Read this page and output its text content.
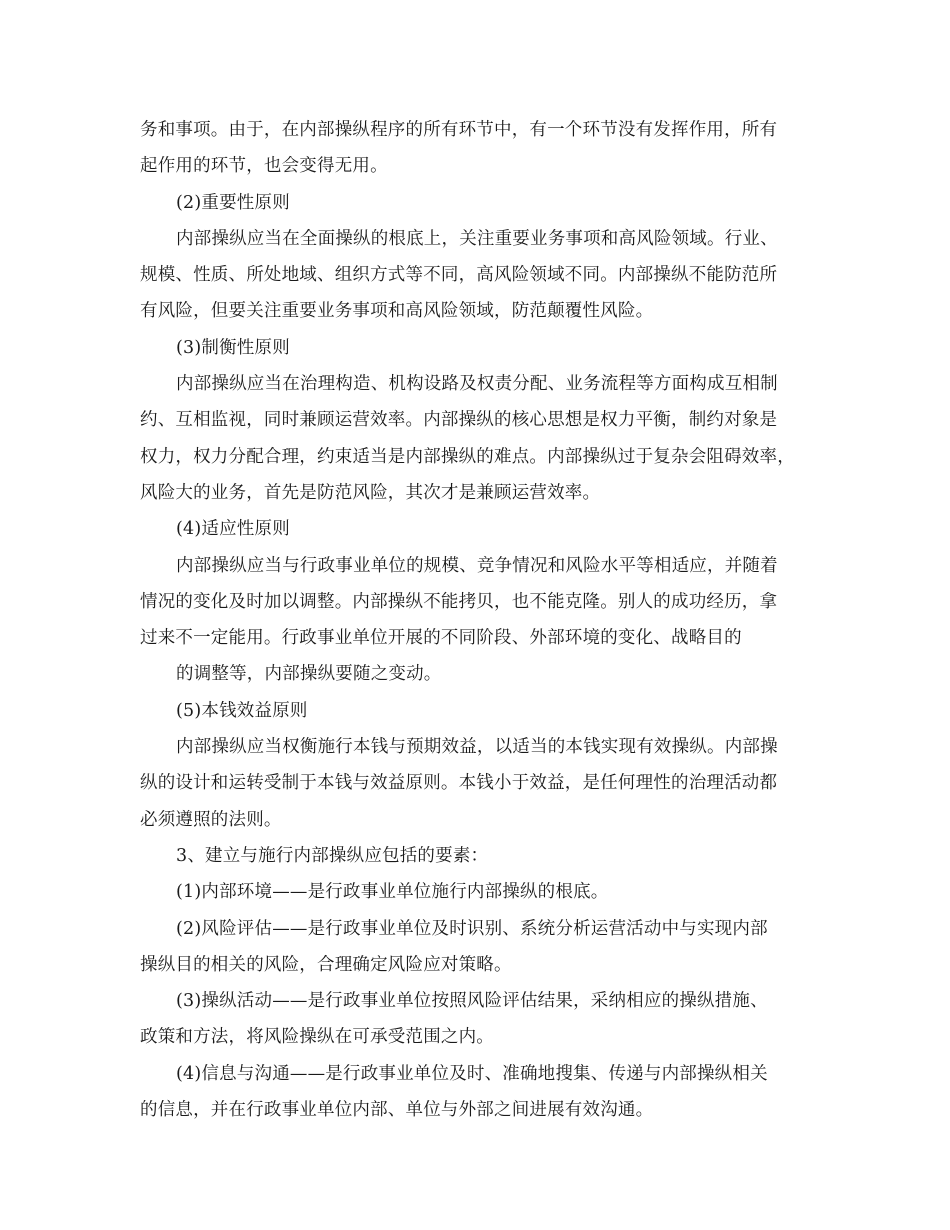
务和事项。由于，在内部操纵程序的所有环节中，有一个环节没有发挥作用，所有
起作用的环节，也会变得无用。
(2)重要性原则
内部操纵应当在全面操纵的根底上，关注重要业务事项和高风险领域。行业、
规模、性质、所处地域、组织方式等不同，高风险领域不同。内部操纵不能防范所
有风险，但要关注重要业务事项和高风险领域，防范颠覆性风险。
(3)制衡性原则
内部操纵应当在治理构造、机构设路及权责分配、业务流程等方面构成互相制
约、互相监视，同时兼顾运营效率。内部操纵的核心思想是权力平衡，制约对象是
权力，权力分配合理，约束适当是内部操纵的难点。内部操纵过于复杂会阻碍效率，
风险大的业务，首先是防范风险，其次才是兼顾运营效率。
(4)适应性原则
内部操纵应当与行政事业单位的规模、竞争情况和风险水平等相适应，并随着
情况的变化及时加以调整。内部操纵不能拷贝，也不能克隆。别人的成功经历，拿
过来不一定能用。行政事业单位开展的不同阶段、外部环境的变化、战略目的
的调整等，内部操纵要随之变动。
(5)本钱效益原则
内部操纵应当权衡施行本钱与预期效益，以适当的本钱实现有效操纵。内部操
纵的设计和运转受制于本钱与效益原则。本钱小于效益，是任何理性的治理活动都
必须遵照的法则。
3、建立与施行内部操纵应包括的要素：
(1)内部环境——是行政事业单位施行内部操纵的根底。
(2)风险评估——是行政事业单位及时识别、系统分析运营活动中与实现内部
操纵目的相关的风险，合理确定风险应对策略。
(3)操纵活动——是行政事业单位按照风险评估结果，采纳相应的操纵措施、
政策和方法，将风险操纵在可承受范围之内。
(4)信息与沟通——是行政事业单位及时、准确地搜集、传递与内部操纵相关
的信息，并在行政事业单位内部、单位与外部之间进展有效沟通。
